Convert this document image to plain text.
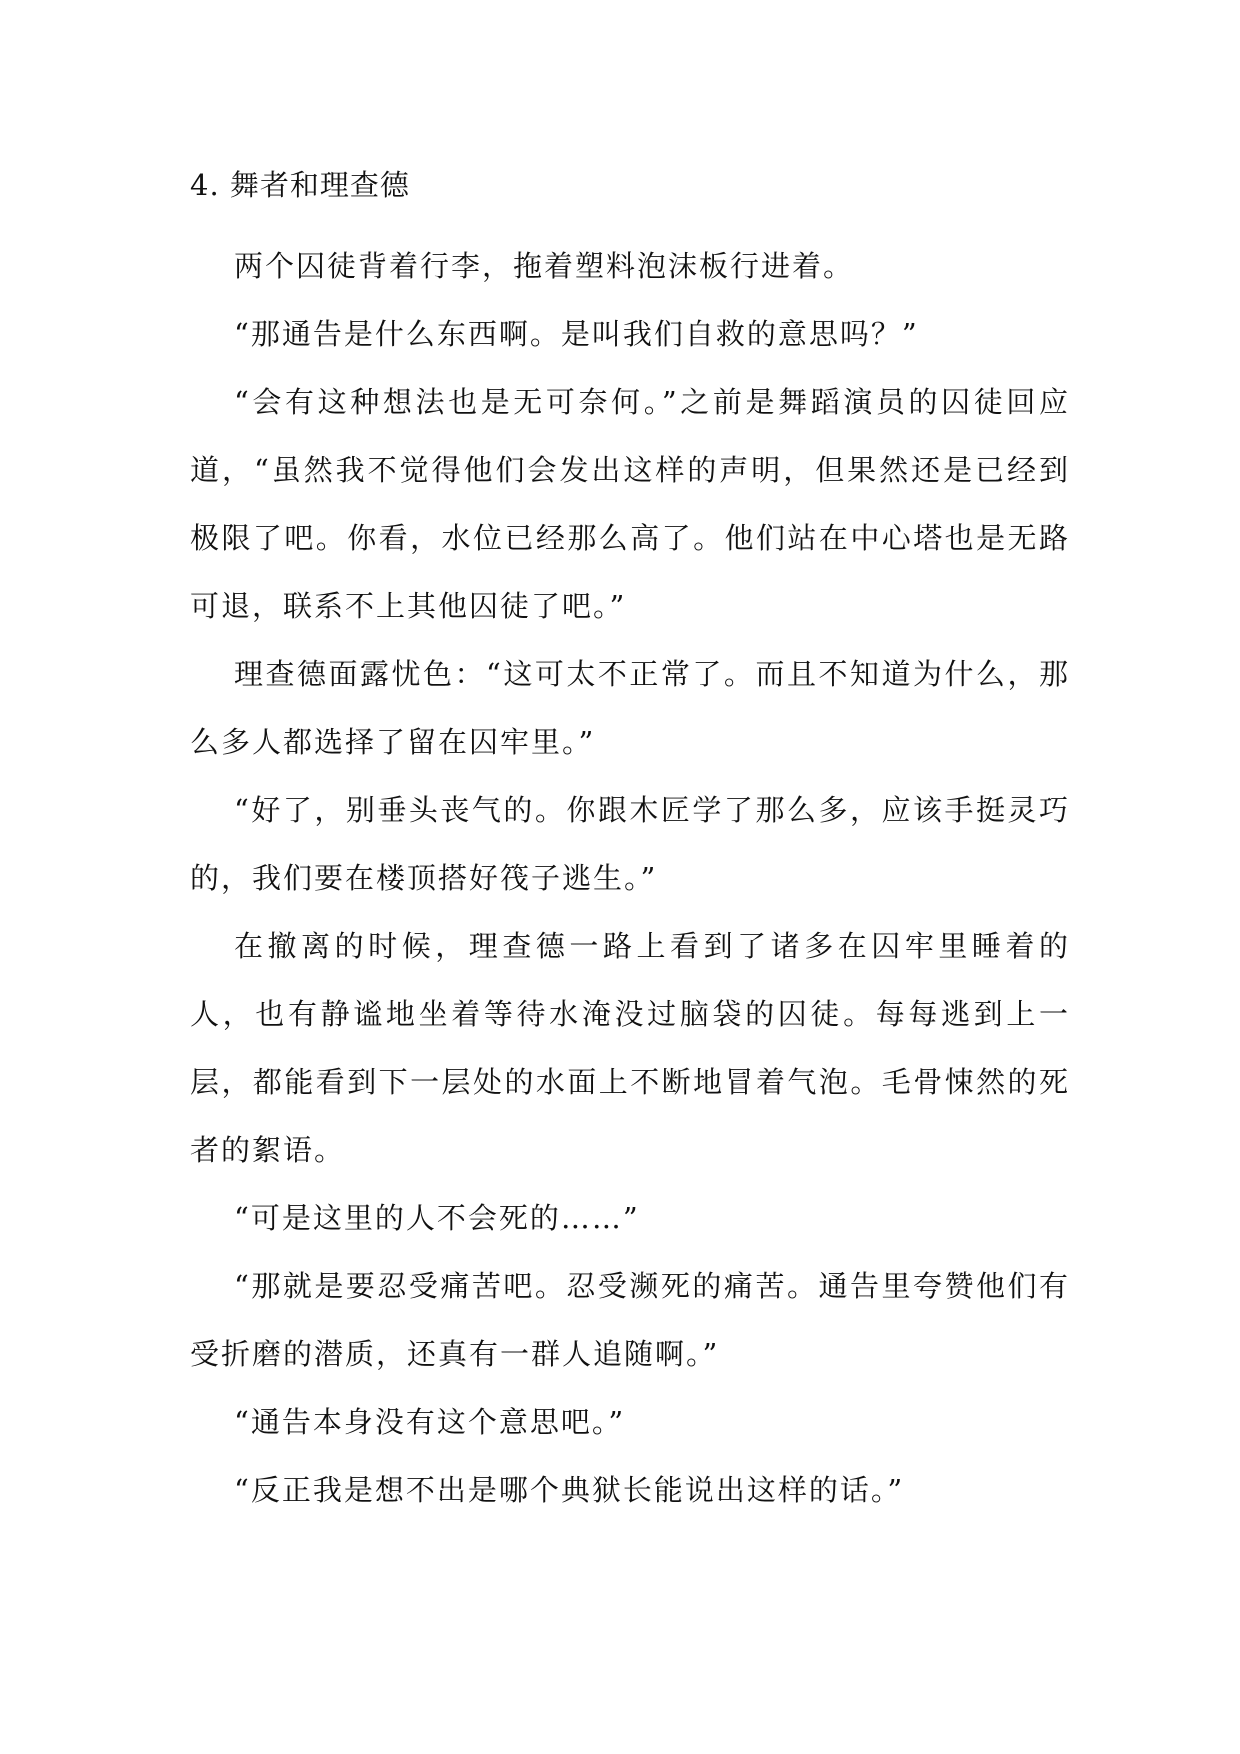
4. 舞者和理查德

两个囚徒背着行李，拖着塑料泡沫板行进着。

“那通告是什么东西啊。是叫我们自救的意思吗？”

“会有这种想法也是无可奈何。”之前是舞蹈演员的囚徒回应道，“虽然我不觉得他们会发出这样的声明，但果然还是已经到极限了吧。你看，水位已经那么高了。他们站在中心塔也是无路可退，联系不上其他囚徒了吧。”

理查德面露忧色：“这可太不正常了。而且不知道为什么，那么多人都选择了留在囚牢里。”

“好了，别垂头丧气的。你跟木匠学了那么多，应该手挺灵巧的，我们要在楼顶搭好筏子逃生。”

在撤离的时候，理查德一路上看到了诸多在囚牢里睡着的人，也有静谧地坐着等待水淹没过脑袋的囚徒。每每逃到上一层，都能看到下一层处的水面上不断地冒着气泡。毛骨悚然的死者的絮语。

“可是这里的人不会死的……”

“那就是要忍受痛苦吧。忍受濒死的痛苦。通告里夸赞他们有受折磨的潜质，还真有一群人追随啊。”

“通告本身没有这个意思吧。”

“反正我是想不出是哪个典狱长能说出这样的话。”
